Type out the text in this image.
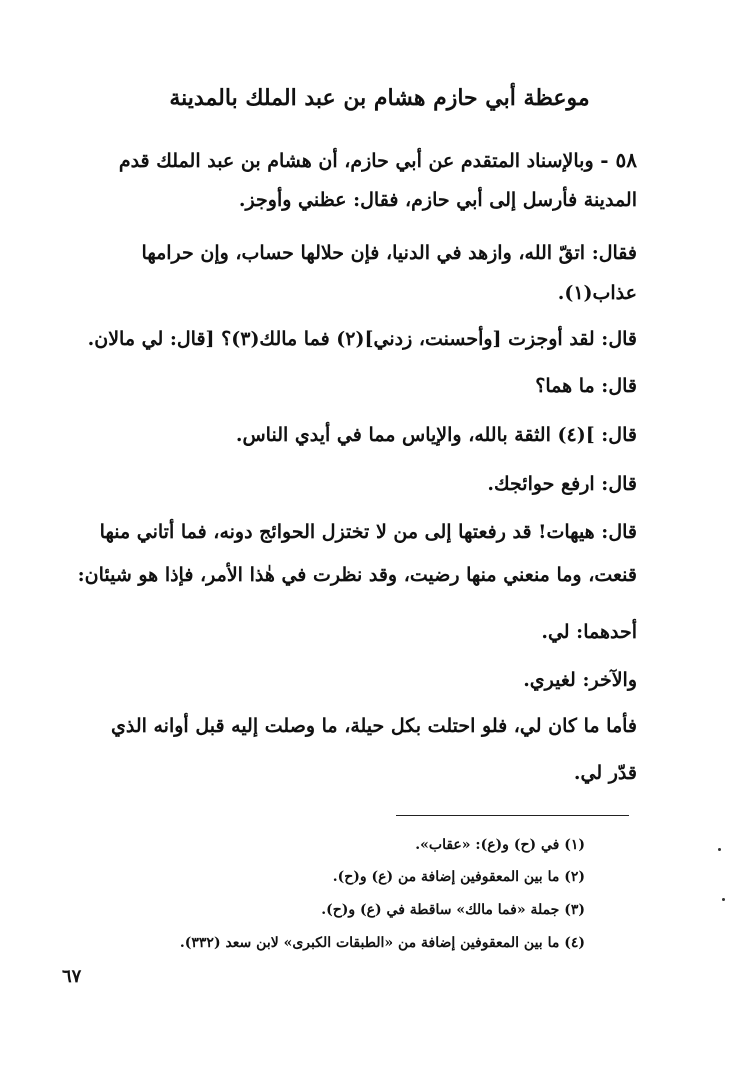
موعظة أبي حازم هشام بن عبد الملك بالمدينة
٥٨ - وبالإسناد المتقدم عن أبي حازم، أن هشام بن عبد الملك قدم
المدينة فأرسل إلى أبي حازم، فقال: عظني وأوجز.
فقال: اتقّ الله، وازهد في الدنيا، فإن حلالها حساب، وإن حرامها
عذاب(١).
قال: لقد أوجزت [وأحسنت، زدني](٢) فما مالك(٣)؟ [قال: لي مالان.
قال: ما هما؟
قال: ](٤) الثقة بالله، والإياس مما في أيدي الناس.
قال: ارفع حوائجك.
قال: هيهات! قد رفعتها إلى من لا تختزل الحوائج دونه، فما أتاني منها
قنعت، وما منعني منها رضيت، وقد نظرت في هٰذا الأمر، فإذا هو شيئان:
أحدهما: لي.
والآخر: لغيري.
فأما ما كان لي، فلو احتلت بكل حيلة، ما وصلت إليه قبل أوانه الذي
قدّر لي.
(١) في (ح) و(ع): «عقاب».
(٢) ما بين المعقوفين إضافة من (ع) و(ح).
(٣) جملة «فما مالك» ساقطة في (ع) و(ح).
(٤) ما بين المعقوفين إضافة من «الطبقات الكبرى» لابن سعد (٣٣٢).
٦٧
